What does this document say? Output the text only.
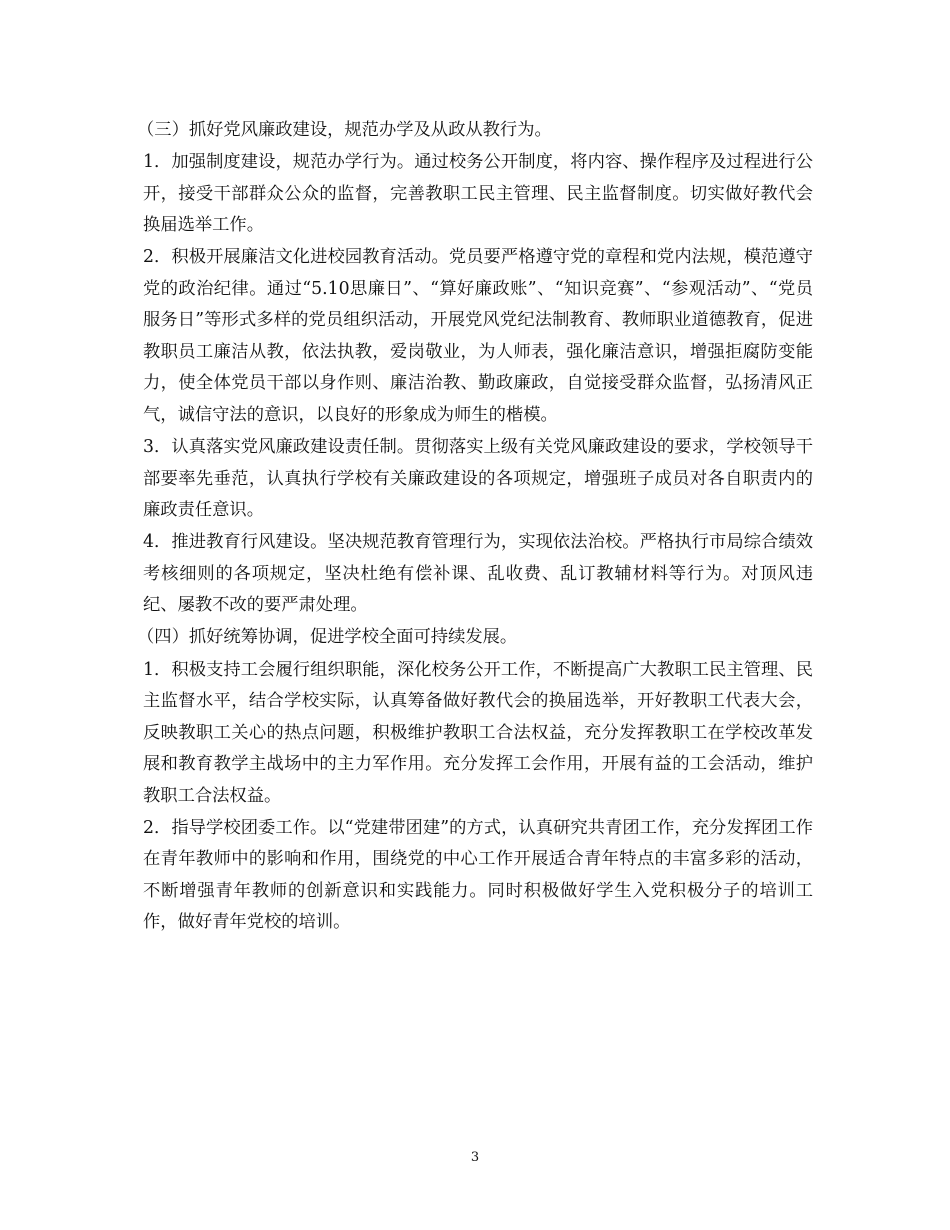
（三）抓好党风廉政建设，规范办学及从政从教行为。

1．加强制度建设，规范办学行为。通过校务公开制度，将内容、操作程序及过程进行公开，接受干部群众公众的监督，完善教职工民主管理、民主监督制度。切实做好教代会换届选举工作。

2．积极开展廉洁文化进校园教育活动。党员要严格遵守党的章程和党内法规，模范遵守党的政治纪律。通过“5.10思廉日”、“算好廉政账”、“知识竞赛”、“参观活动”、“党员服务日”等形式多样的党员组织活动，开展党风党纪法制教育、教师职业道德教育，促进教职员工廉洁从教，依法执教，爱岗敬业，为人师表，强化廉洁意识，增强拒腐防变能力，使全体党员干部以身作则、廉洁治教、勤政廉政，自觉接受群众监督，弘扬清风正气，诚信守法的意识，以良好的形象成为师生的楷模。

3．认真落实党风廉政建设责任制。贯彻落实上级有关党风廉政建设的要求，学校领导干部要率先垂范，认真执行学校有关廉政建设的各项规定，增强班子成员对各自职责内的廉政责任意识。

4．推进教育行风建设。坚决规范教育管理行为，实现依法治校。严格执行市局综合绩效考核细则的各项规定，坚决杜绝有偿补课、乱收费、乱订教辅材料等行为。对顶风违纪、屡教不改的要严肃处理。

（四）抓好统筹协调，促进学校全面可持续发展。

1．积极支持工会履行组织职能，深化校务公开工作，不断提高广大教职工民主管理、民主监督水平，结合学校实际，认真筹备做好教代会的换届选举，开好教职工代表大会，反映教职工关心的热点问题，积极维护教职工合法权益，充分发挥教职工在学校改革发展和教育教学主战场中的主力军作用。充分发挥工会作用，开展有益的工会活动，维护教职工合法权益。

2．指导学校团委工作。以“党建带团建”的方式，认真研究共青团工作，充分发挥团工作在青年教师中的影响和作用，围绕党的中心工作开展适合青年特点的丰富多彩的活动，不断增强青年教师的创新意识和实践能力。同时积极做好学生入党积极分子的培训工作，做好青年党校的培训。

3
